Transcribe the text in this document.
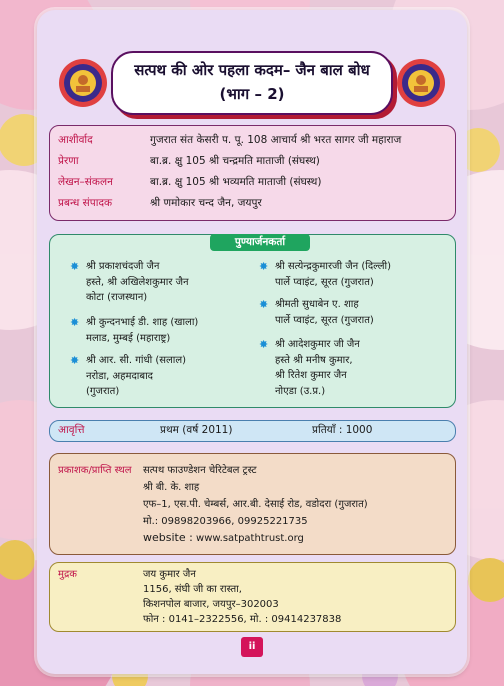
सत्पथ की ओर पहला कदम– जैन बाल बोध
(भाग – 2)
आशीर्वाद	गुजरात संत केसरी प. पू. 108 आचार्य श्री भरत सागर जी महाराज
प्रेरणा	बा.ब्र. क्षु 105 श्री चन्द्रमति माताजी (संघस्थ)
लेखन–संकलन	बा.ब्र. क्षु 105 श्री भव्यमति माताजी (संघस्थ)
प्रबन्ध संपादक	श्री णमोकार चन्द जैन, जयपुर
पुण्यार्जनकर्ता
✸ श्री प्रकाशचंदजी जैन
हस्ते, श्री अखिलेशकुमार जैन
कोटा (राजस्थान)
✸ श्री कुन्दनभाई डी. शाह (खाला)
मलाड, मुम्बई (महाराष्ट्र)
✸ श्री आर. सी. गांधी (सलाल)
नरोडा, अहमदाबाद
(गुजरात)
✸ श्री सत्येन्द्रकुमारजी जैन (दिल्ली)
पार्ले प्वाइंट, सूरत (गुजरात)
✸ श्रीमती सुधाबेन ए. शाह
पार्ले प्वाइंट, सूरत (गुजरात)
✸ श्री आदेशकुमार जी जैन
हस्ते श्री मनीष कुमार,
श्री रितेश कुमार जैन
नोएडा (उ.प्र.)
आवृत्ति	प्रथम (वर्ष 2011)	प्रतियाँ : 1000
प्रकाशक/प्राप्ति स्थल सत्पथ फाउण्डेशन चेरिटेबल ट्रस्ट
श्री बी. के. शाह
एफ–1, एस.पी. चेम्बर्स, आर.बी. देसाई रोड, वडोदरा (गुजरात)
मो.: 09898203966, 09925221735
website : www.satpathtrust.org
मुद्रक	जय कुमार जैन
1156, संघी जी का रास्ता,
किशनपोल बाजार, जयपुर–302003
फोन : 0141–2322556, मो. : 09414237838
ii
